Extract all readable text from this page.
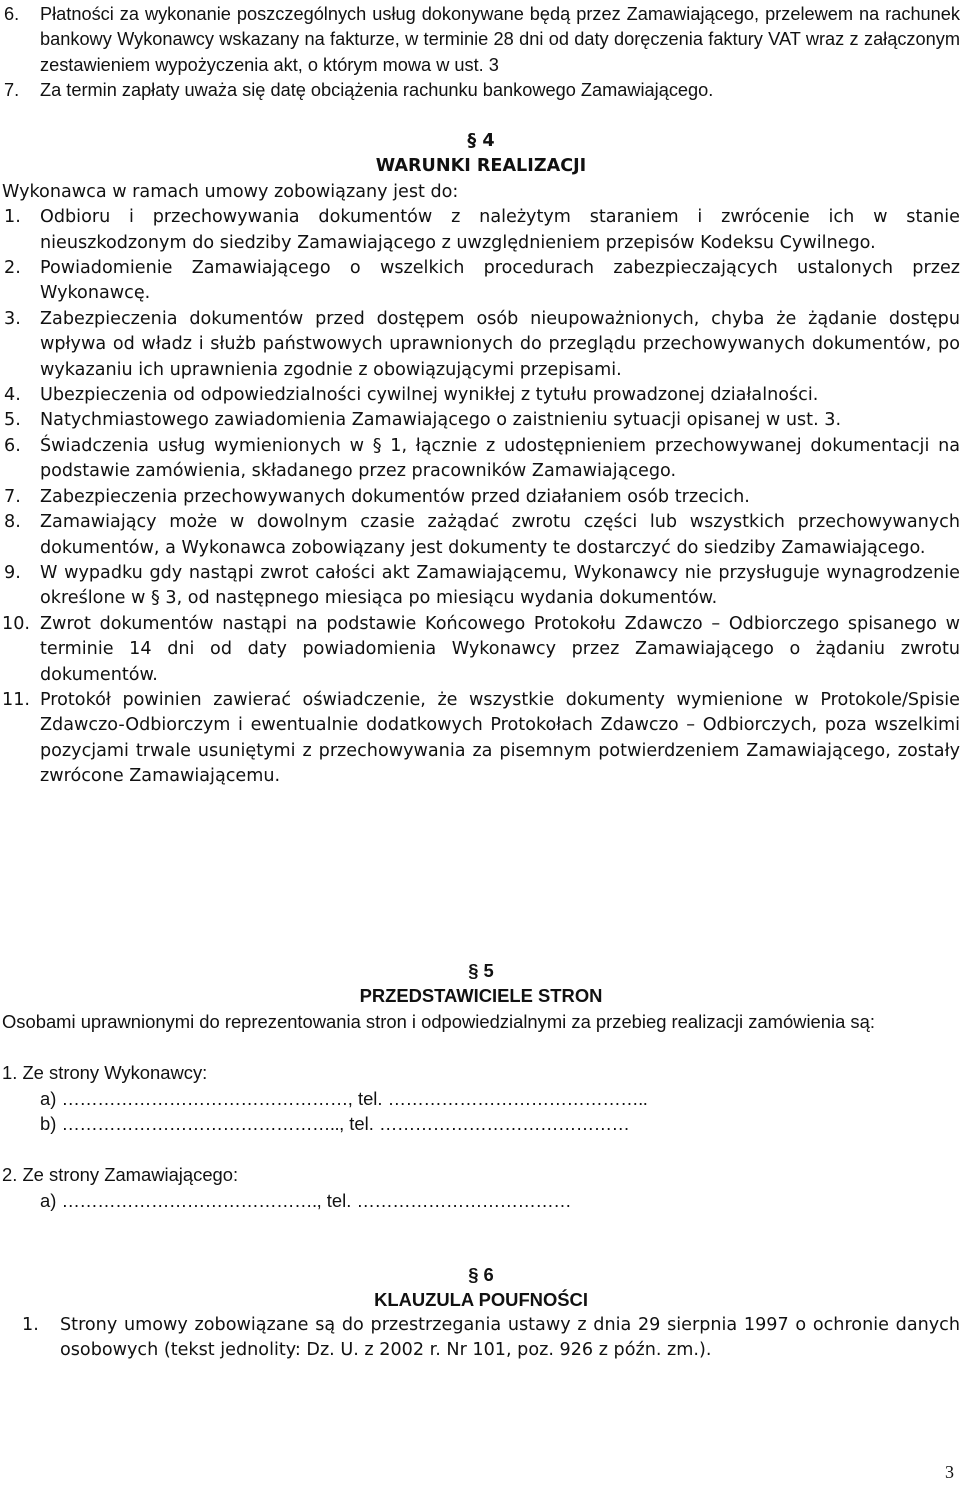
6. Płatności za wykonanie poszczególnych usług dokonywane będą przez Zamawiającego, przelewem na rachunek bankowy Wykonawcy wskazany na fakturze, w terminie 28 dni od daty doręczenia faktury VAT wraz z załączonym zestawieniem wypożyczenia akt, o którym mowa w ust. 3
7. Za termin zapłaty uważa się datę obciążenia rachunku bankowego Zamawiającego.
§ 4
WARUNKI REALIZACJI
Wykonawca w ramach umowy zobowiązany jest do:
1. Odbioru i przechowywania dokumentów z należytym staraniem i zwrócenie ich w stanie nieuszkodzonym do siedziby Zamawiającego z uwzględnieniem przepisów Kodeksu Cywilnego.
2. Powiadomienie Zamawiającego o wszelkich procedurach zabezpieczających ustalonych przez Wykonawcę.
3. Zabezpieczenia dokumentów przed dostępem osób nieupoważnionych, chyba że żądanie dostępu wpływa od władz i służb państwowych uprawnionych do przeglądu przechowywanych dokumentów, po wykazaniu ich uprawnienia zgodnie z obowiązującymi przepisami.
4. Ubezpieczenia od odpowiedzialności cywilnej wynikłej z tytułu prowadzonej działalności.
5. Natychmiastowego zawiadomienia Zamawiającego o zaistnieniu sytuacji opisanej w ust. 3.
6. Świadczenia usług wymienionych w § 1, łącznie z udostępnieniem przechowywanej dokumentacji na podstawie zamówienia, składanego przez pracowników Zamawiającego.
7. Zabezpieczenia przechowywanych dokumentów przed działaniem osób trzecich.
8. Zamawiający może w dowolnym czasie zażądać zwrotu części lub wszystkich przechowywanych dokumentów, a Wykonawca zobowiązany jest dokumenty te dostarczyć do siedziby Zamawiającego.
9. W wypadku gdy nastąpi zwrot całości akt Zamawiającemu, Wykonawcy nie przysługuje wynagrodzenie określone w § 3, od następnego miesiąca po miesiącu wydania dokumentów.
10. Zwrot dokumentów nastąpi na podstawie Końcowego Protokołu Zdawczo – Odbiorczego spisanego w terminie 14 dni od daty powiadomienia Wykonawcy przez Zamawiającego o żądaniu zwrotu dokumentów.
11. Protokół powinien zawierać oświadczenie, że wszystkie dokumenty wymienione w Protokole/Spisie Zdawczo-Odbiorczym i ewentualnie dodatkowych Protokołach Zdawczo – Odbiorczych, poza wszelkimi pozycjami trwale usuniętymi z przechowywania za pisemnym potwierdzeniem Zamawiającego, zostały zwrócone Zamawiającemu.
§ 5
PRZEDSTAWICIELE STRON
Osobami uprawnionymi do reprezentowania stron i odpowiedzialnymi za przebieg realizacji zamówienia są:
1. Ze strony Wykonawcy:
a) …………………………………………, tel. ……………………………………..
b) ……………………………………….., tel. ……………………………………
2. Ze strony Zamawiającego:
a) ……………………………………., tel. ………………………………
§ 6
KLAUZULA POUFNOŚCI
1. Strony umowy zobowiązane są do przestrzegania ustawy z dnia 29 sierpnia 1997 o ochronie danych osobowych (tekst jednolity: Dz. U. z 2002 r. Nr 101, poz. 926 z późn. zm.).
3
